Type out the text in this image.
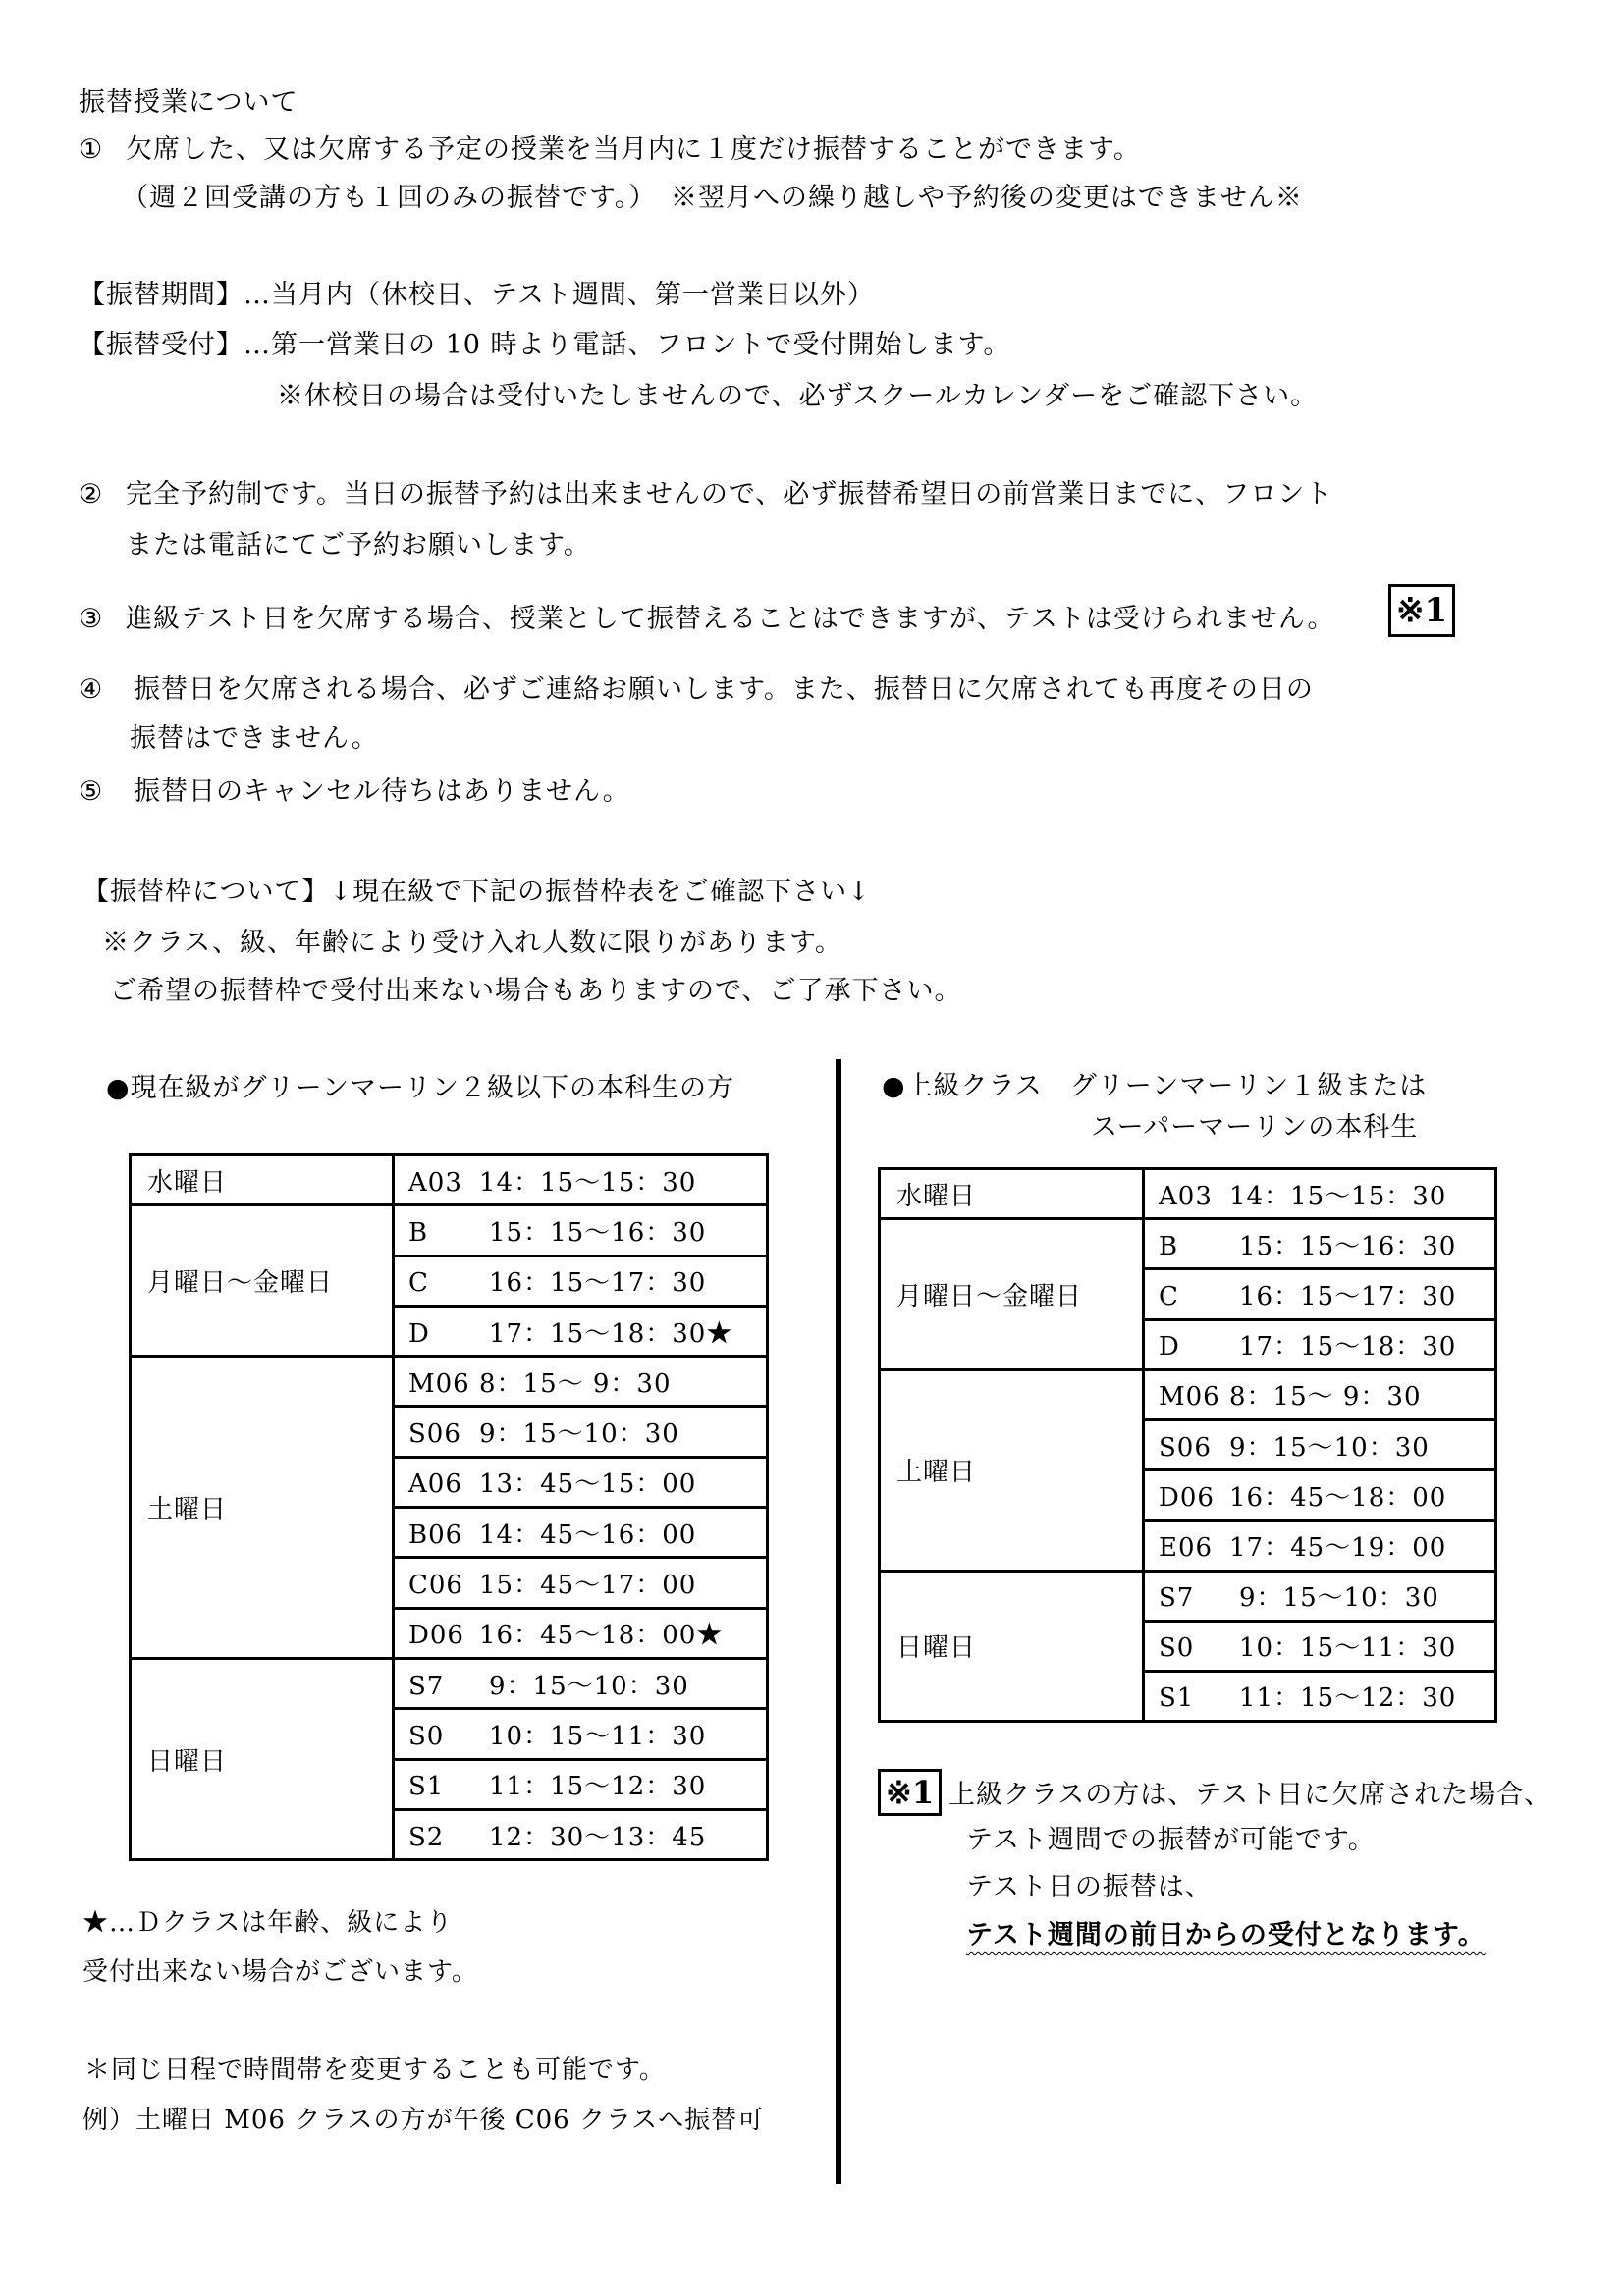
振替授業について
① 欠席した、又は欠席する予定の授業を当月内に１度だけ振替することができます。
（週２回受講の方も１回のみの振替です。）　※翌月への繰り越しや予約後の変更はできません※
【振替期間】…当月内（休校日、テスト週間、第一営業日以外）
【振替受付】…第一営業日の 10 時より電話、フロントで受付開始します。
※休校日の場合は受付いたしませんので、必ずスクールカレンダーをご確認下さい。
② 完全予約制です。当日の振替予約は出来ませんので、必ず振替希望日の前営業日までに、フロント
または電話にてご予約お願いします。
③ 進級テスト日を欠席する場合、授業として振替えることはできますが、テストは受けられません。 ※1
④ 振替日を欠席される場合、必ずご連絡お願いします。また、振替日に欠席されても再度その日の
振替はできません。
⑤ 振替日のキャンセル待ちはありません。
【振替枠について】↓現在級で下記の振替枠表をご確認下さい↓
※クラス、級、年齢により受け入れ人数に限りがあります。
ご希望の振替枠で受付出来ない場合もありますので、ご了承下さい。
●現在級がグリーンマーリン２級以下の本科生の方
水曜日	A03 14：15〜15：30
月曜日〜金曜日	B 15：15〜16：30
	C 16：15〜17：30
	D 17：15〜18：30★
土曜日	M06 8：15〜 9：30
	S06 9：15〜10：30
	A06 13：45〜15：00
	B06 14：45〜16：00
	C06 15：45〜17：00
	D06 16：45〜18：00★
日曜日	S7 9：15〜10：30
	S0 10：15〜11：30
	S1 11：15〜12：30
	S2 12：30〜13：45
★…Ｄクラスは年齢、級により
受付出来ない場合がございます。
＊同じ日程で時間帯を変更することも可能です。
例）土曜日 M06 クラスの方が午後 C06 クラスへ振替可
●上級クラス　グリーンマーリン１級または
スーパーマーリンの本科生
水曜日	A03 14：15〜15：30
月曜日〜金曜日	B 15：15〜16：30
	C 16：15〜17：30
	D 17：15〜18：30
土曜日	M06 8：15〜 9：30
	S06 9：15〜10：30
	D06 16：45〜18：00
	E06 17：45〜19：00
日曜日	S7 9：15〜10：30
	S0 10：15〜11：30
	S1 11：15〜12：30
※1 上級クラスの方は、テスト日に欠席された場合、
テスト週間での振替が可能です。
テスト日の振替は、
テスト週間の前日からの受付となります。
